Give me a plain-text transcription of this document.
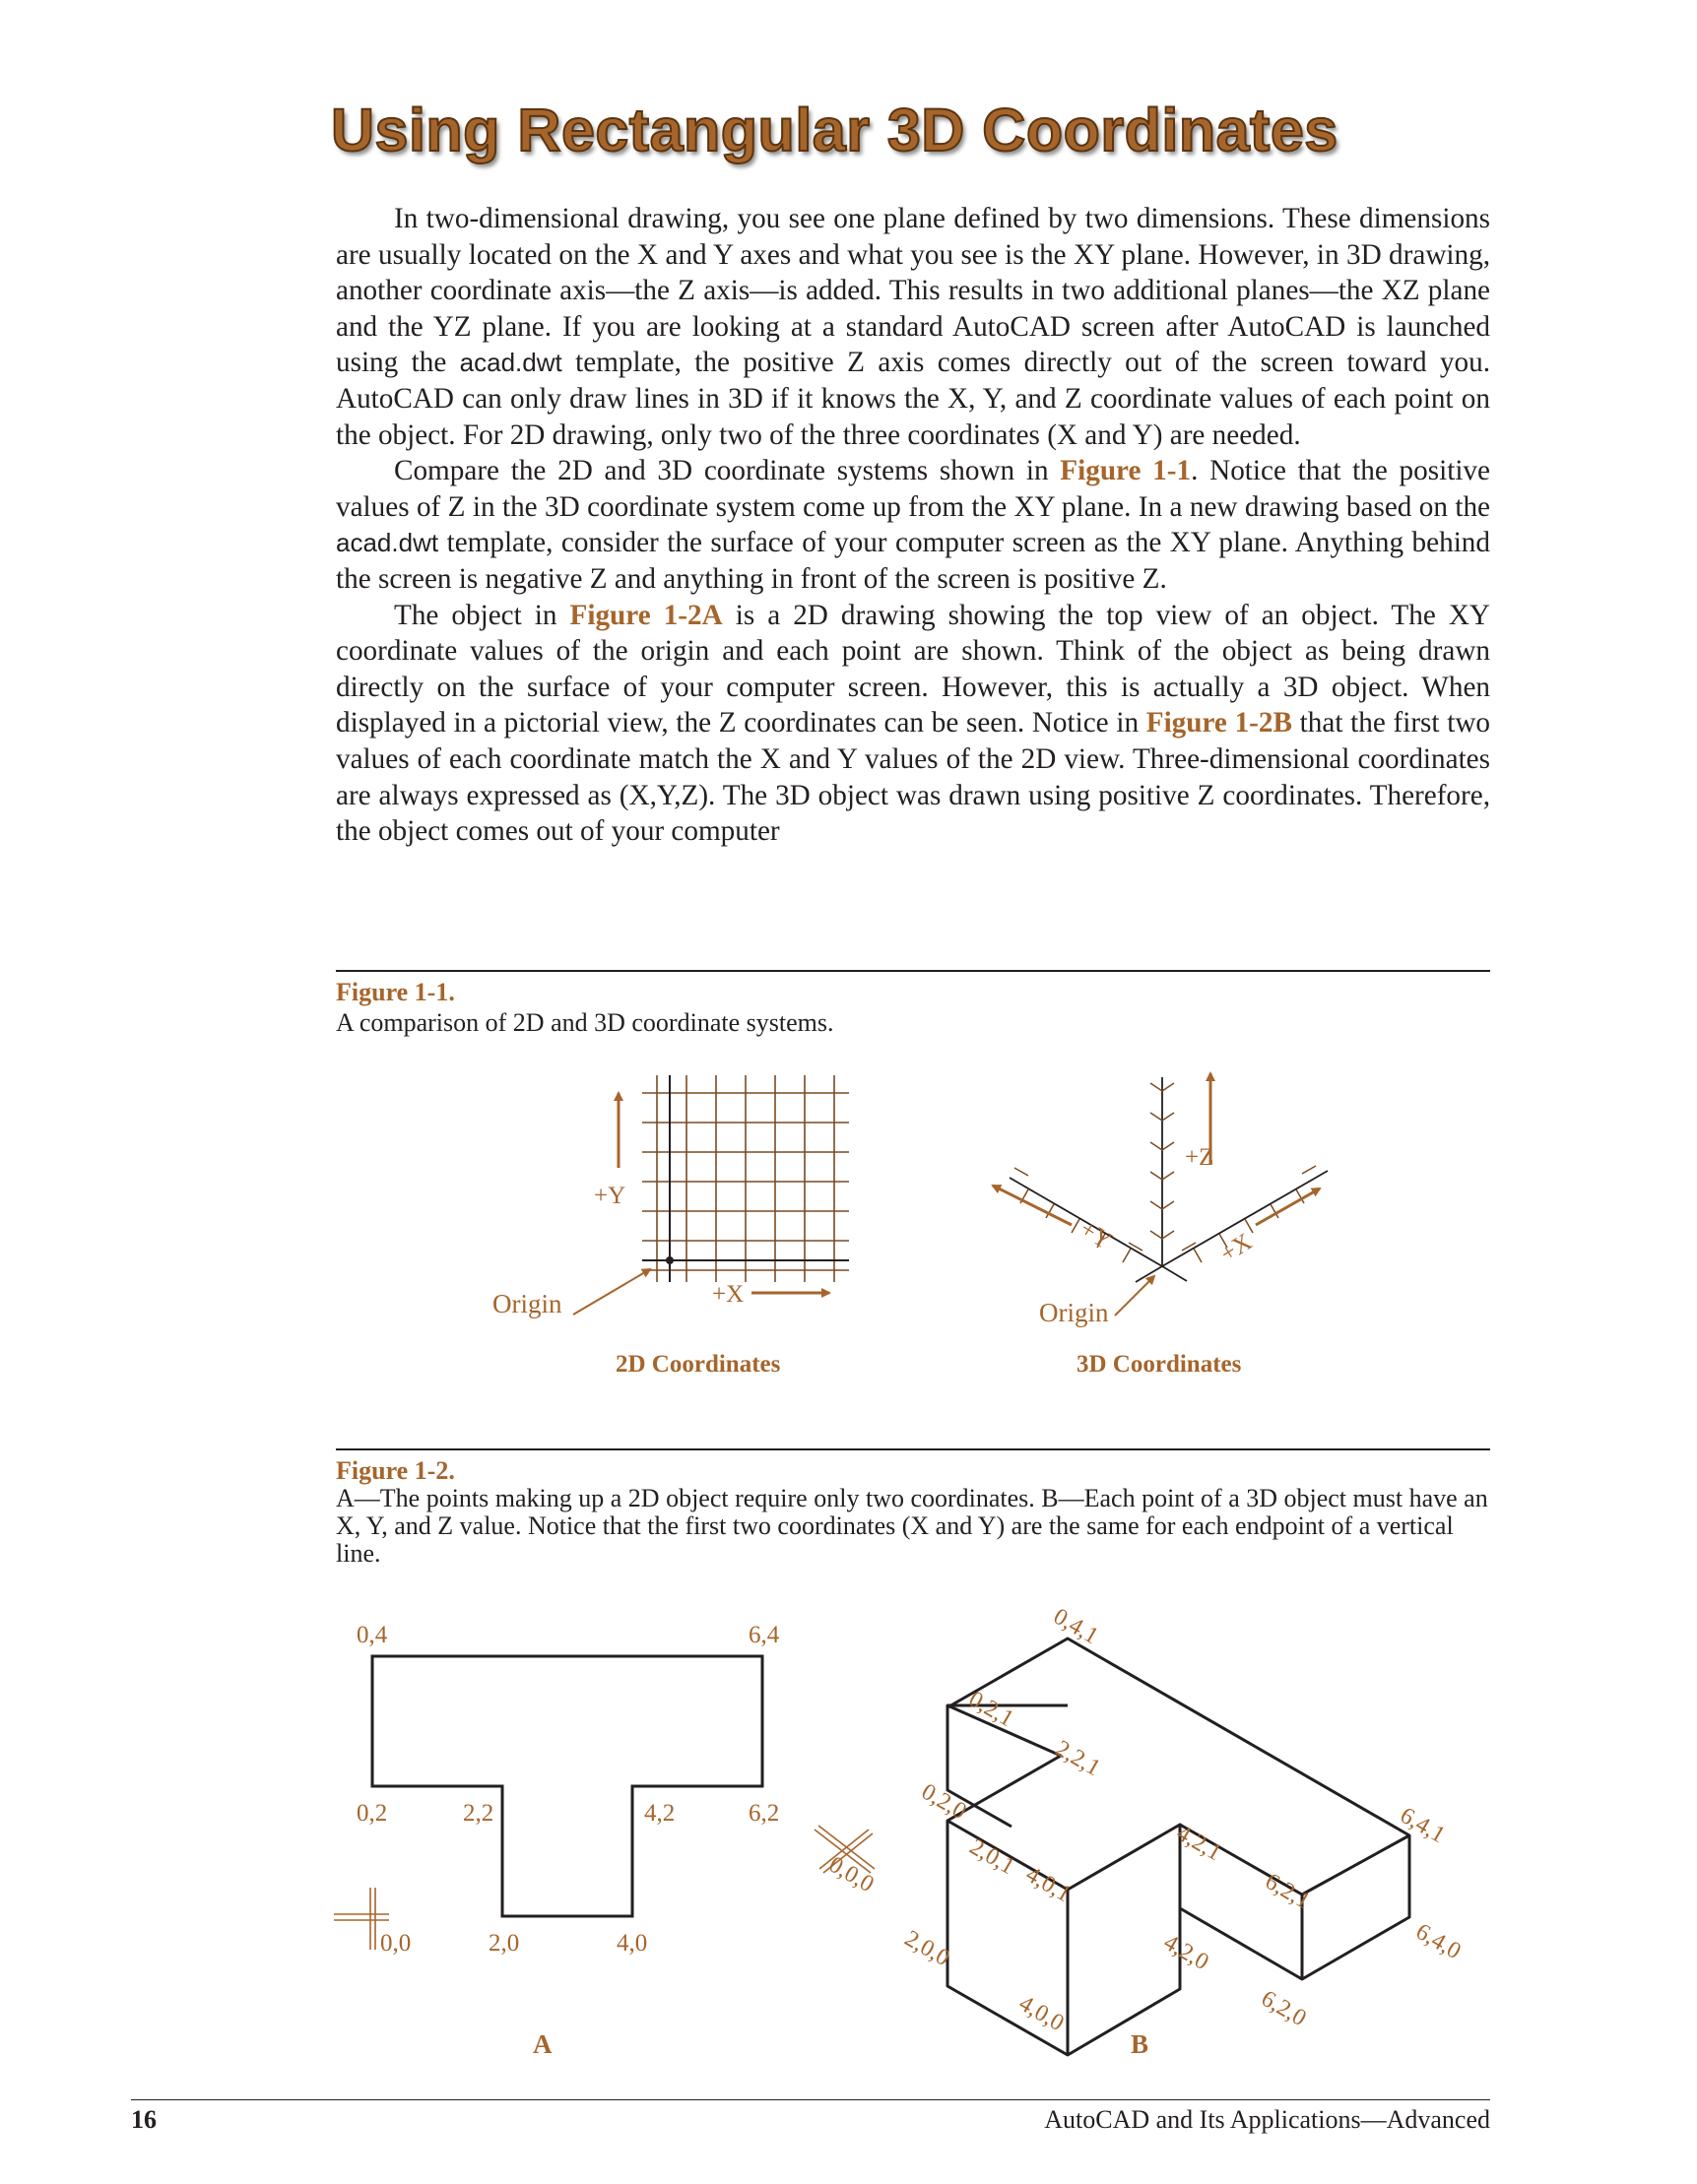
Using Rectangular 3D Coordinates

In two-dimensional drawing, you see one plane defined by two dimensions. These dimensions are usually located on the X and Y axes and what you see is the XY plane. However, in 3D drawing, another coordinate axis—the Z axis—is added. This results in two additional planes—the XZ plane and the YZ plane. If you are looking at a standard AutoCAD screen after AutoCAD is launched using the acad.dwt template, the positive Z axis comes directly out of the screen toward you. AutoCAD can only draw lines in 3D if it knows the X, Y, and Z coordinate values of each point on the object. For 2D drawing, only two of the three coordinates (X and Y) are needed.

Compare the 2D and 3D coordinate systems shown in Figure 1-1. Notice that the positive values of Z in the 3D coordinate system come up from the XY plane. In a new drawing based on the acad.dwt template, consider the surface of your computer screen as the XY plane. Anything behind the screen is negative Z and anything in front of the screen is positive Z.

The object in Figure 1-2A is a 2D drawing showing the top view of an object. The XY coordinate values of the origin and each point are shown. Think of the object as being drawn directly on the surface of your computer screen. However, this is actually a 3D object. When displayed in a pictorial view, the Z coordinates can be seen. Notice in Figure 1-2B that the first two values of each coordinate match the X and Y values of the 2D view. Three-dimensional coordinates are always expressed as (X,Y,Z). The 3D object was drawn using positive Z coordinates. Therefore, the object comes out of your computer

Figure 1-1.
A comparison of 2D and 3D coordinate systems.
+Y
+X
Origin
2D Coordinates
+Z
+Y	+X
Origin
3D Coordinates
Figure 1-2.
A—The points making up a 2D object require only two coordinates. B—Each point of a 3D object must have an X, Y, and Z value. Notice that the first two coordinates (X and Y) are the same for each endpoint of a vertical line.
0,4	6,4
0,2	2,2	4,2	6,2
0,0	2,0	4,0
A
0,4,1
0,2,1
2,2,1
0,2,0
2,0,1
4,0,1
4,2,1
6,2,1
6,4,1
0,0,0
2,0,0
4,0,0
4,2,0
6,2,0
6,4,0
B
16	AutoCAD and Its Applications—Advanced
